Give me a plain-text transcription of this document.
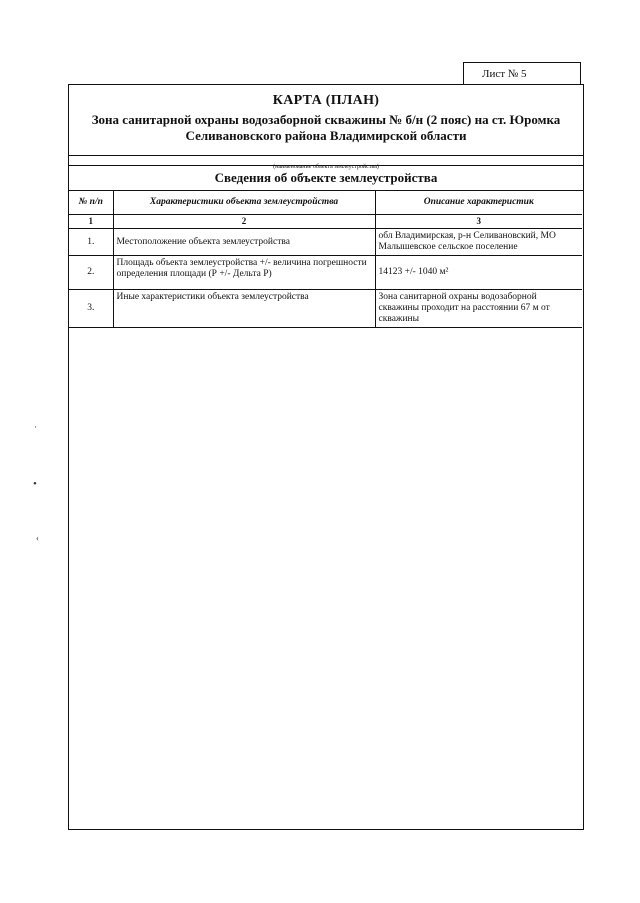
Лист № 5
КАРТА (ПЛАН)
Зона санитарной охраны водозаборной скважины № б/н (2 пояс) на ст. Юромка Селивановского района Владимирской области
(наименование объекта землеустройства)
Сведения об объекте землеустройства
№ п/п	Характеристики объекта землеустройства	Описание характеристик
1	2	3
1.	Местоположение объекта землеустройства	обл Владимирская, р-н Селивановский, МО Малышевское сельское поселение
2.	Площадь объекта землеустройства +/- величина погрешности определения площади (Р +/- Дельта Р)	14123 +/- 1040 м²
3.	Иные характеристики объекта землеустройства	Зона санитарной охраны водозаборной скважины проходит на расстоянии 67 м от скважины
·
•
‹
